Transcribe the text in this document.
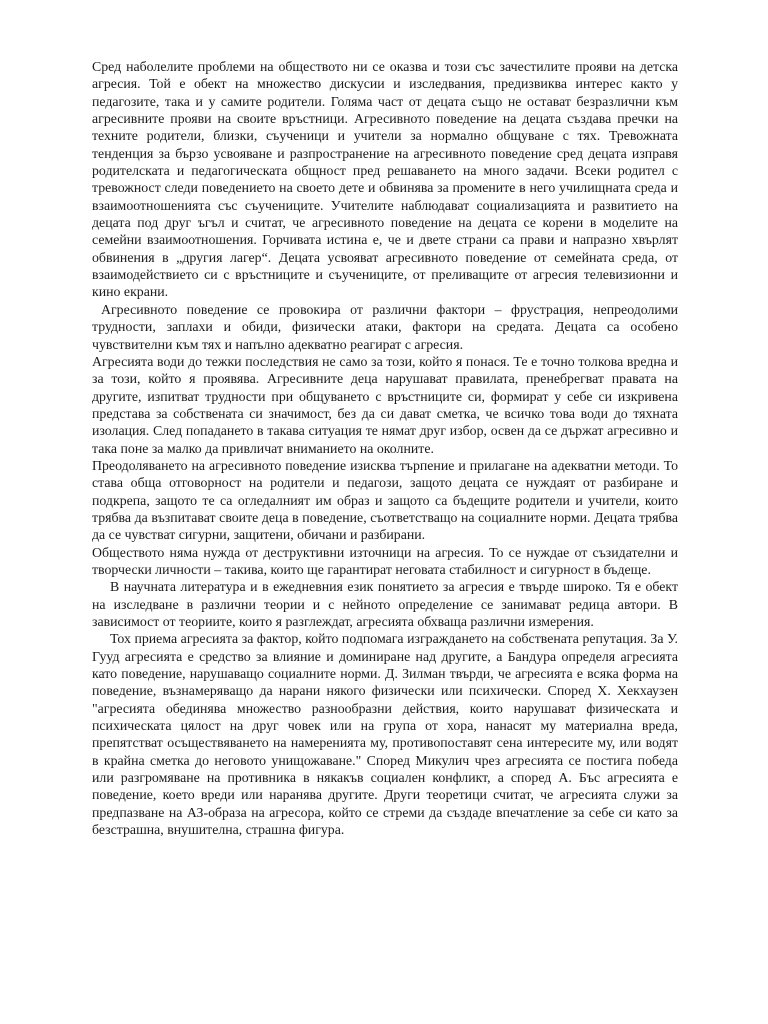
Сред наболелите проблеми на обществото ни се оказва и този със зачестилите прояви на детска агресия. Той е обект на множество дискусии и изследвания, предизвиква интерес както у педагозите, така и у самите родители. Голяма част от децата също не остават безразлични към агресивните прояви на своите връстници. Агресивното поведение на децата създава пречки на техните родители, близки, съученици и учители за нормално общуване с тях. Тревожната тенденция за бързо усвояване и разпространение на агресивното поведение сред децата изправя родителската и педагогическата общност пред решаването на много задачи. Всеки родител с тревожност следи поведението на своето дете и обвинява за промените в него училищната среда и взаимоотношенията със съучениците. Учителите наблюдават социализацията и развитието на децата под друг ъгъл и считат, че агресивното поведение на децата се корени в моделите на семейни взаимоотношения. Горчивата истина е, че и двете страни са прави и напразно хвърлят обвинения в „другия лагер“. Децата усвояват агресивното поведение от семейната среда, от взаимодействието си с връстниците и съучениците, от преливащите от агресия телевизионни и кино екрани.

Агресивното поведение се провокира от различни фактори – фрустрация, непреодолими трудности, заплахи и обиди, физически атаки, фактори на средата. Децата са особено чувствителни към тях и напълно адекватно реагират с агресия.

Агресията води до тежки последствия не само за този, който я понася. Те е точно толкова вредна и за този, който я проявява. Агресивните деца нарушават правилата, пренебрегват правата на другите, изпитват трудности при общуването с връстниците си, формират у себе си изкривена представа за собствената си значимост, без да си дават сметка, че всичко това води до тяхната изолация. След попадането в такава ситуация те нямат друг избор, освен да се държат агресивно и така поне за малко да привличат вниманието на околните.

Преодоляването на агресивното поведение изисква търпение и прилагане на адекватни методи. То става обща отговорност на родители и педагози, защото децата се нуждаят от разбиране и подкрепа, защото те са огледалният им образ и защото са бъдещите родители и учители, които трябва да възпитават своите деца в поведение, съответстващо на социалните норми. Децата трябва да се чувстват сигурни, защитени, обичани и разбирани.

Обществото няма нужда от деструктивни източници на агресия. То се нуждае от съзидателни и творчески личности – такива, които ще гарантират неговата стабилност и сигурност в бъдеще.

В научната литература и в ежедневния език понятието за агресия е твърде широко. Тя е обект на изследване в различни теории и с нейното определение се занимават редица автори. В зависимост от теориите, които я разглеждат, агресията обхваща различни измерения.

Тох приема агресията за фактор, който подпомага изграждането на собствената репутация. За У. Гууд агресията е средство за влияние и доминиране над другите, а Бандура определя агресията като поведение, нарушаващо социалните норми. Д. Зилман твърди, че агресията е всяка форма на поведение, възнамеряващо да нарани някого физически или психически. Според Х. Хекхаузен "агресията обединява множество разнообразни действия, които нарушават физическата и психическата цялост на друг човек или на група от хора, нанасят му материална вреда, препятстват осъществяването на намеренията му, противопоставят сена интересите му, или водят в крайна сметка до неговото унищожаване." Според Микулич чрез агресията се постига победа или разгромяване на противника в някакъв социален конфликт, а според А. Бъс агресията е поведение, което вреди или наранява другите. Други теоретици считат, че агресията служи за предпазване на АЗ-образа на агресора, който се стреми да създаде впечатление за себе си като за безстрашна, внушителна, страшна фигура.
